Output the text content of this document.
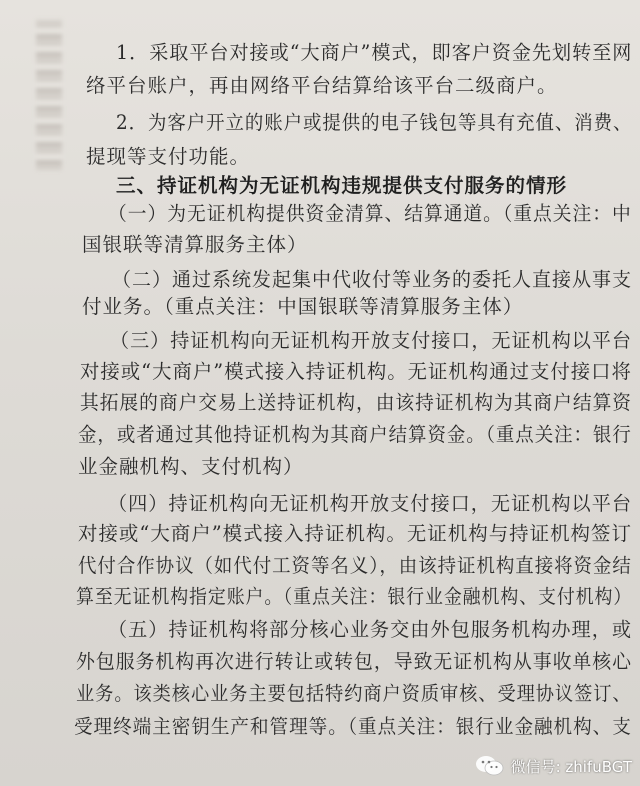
1．采取平台对接或“大商户”模式，即客户资金先划转至网
络平台账户，再由网络平台结算给该平台二级商户。
2．为客户开立的账户或提供的电子钱包等具有充值、消费、
提现等支付功能。
三、持证机构为无证机构违规提供支付服务的情形
（一）为无证机构提供资金清算、结算通道。（重点关注：中
国银联等清算服务主体）
（二）通过系统发起集中代收付等业务的委托人直接从事支
付业务。（重点关注：中国银联等清算服务主体）
（三）持证机构向无证机构开放支付接口，无证机构以平台
对接或“大商户”模式接入持证机构。无证机构通过支付接口将
其拓展的商户交易上送持证机构，由该持证机构为其商户结算资
金，或者通过其他持证机构为其商户结算资金。（重点关注：银行
业金融机构、支付机构）
（四）持证机构向无证机构开放支付接口，无证机构以平台
对接或“大商户”模式接入持证机构。无证机构与持证机构签订
代付合作协议（如代付工资等名义），由该持证机构直接将资金结
算至无证机构指定账户。（重点关注：银行业金融机构、支付机构）
（五）持证机构将部分核心业务交由外包服务机构办理，或
外包服务机构再次进行转让或转包，导致无证机构从事收单核心
业务。该类核心业务主要包括特约商户资质审核、受理协议签订、
受理终端主密钥生产和管理等。（重点关注：银行业金融机构、支
微信号: zhifuBGT
